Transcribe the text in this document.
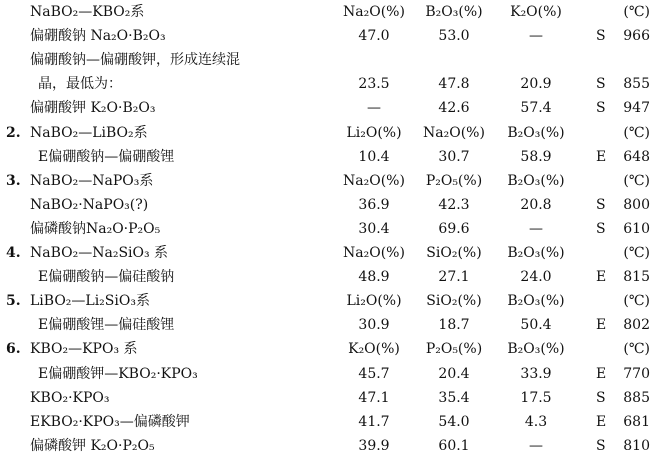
NaBO₂—KBO₂系	Na₂O(%)	B₂O₃(%)	K₂O(%)	(℃)
偏硼酸钠 Na₂O·B₂O₃	47.0	53.0	—	S 966
偏硼酸钠—偏硼酸钾，形成连续混
晶，最低为：	23.5	47.8	20.9	S 855
偏硼酸钾 K₂O·B₂O₃	—	42.6	57.4	S 947
2. NaBO₂—LiBO₂系	Li₂O(%)	Na₂O(%)	B₂O₃(%)	(℃)
E偏硼酸钠—偏硼酸锂	10.4	30.7	58.9	E 648
3. NaBO₂—NaPO₃系	Na₂O(%)	P₂O₅(%)	B₂O₃(%)	(℃)
NaBO₂·NaPO₃(?)	36.9	42.3	20.8	S 800
偏磷酸钠Na₂O·P₂O₅	30.4	69.6	—	S 610
4. NaBO₂—Na₂SiO₃ 系	Na₂O(%)	SiO₂(%)	B₂O₃(%)	(℃)
E偏硼酸钠—偏硅酸钠	48.9	27.1	24.0	E 815
5. LiBO₂—Li₂SiO₃系	Li₂O(%)	SiO₂(%)	B₂O₃(%)	(℃)
E偏硼酸锂—偏硅酸锂	30.9	18.7	50.4	E 802
6. KBO₂—KPO₃ 系	K₂O(%)	P₂O₅(%)	B₂O₃(%)	(℃)
E偏硼酸钾—KBO₂·KPO₃	45.7	20.4	33.9	E 770
KBO₂·KPO₃	47.1	35.4	17.5	S 885
EKBO₂·KPO₃—偏磷酸钾	41.7	54.0	4.3	E 681
偏磷酸钾 K₂O·P₂O₅	39.9	60.1	—	S 810
